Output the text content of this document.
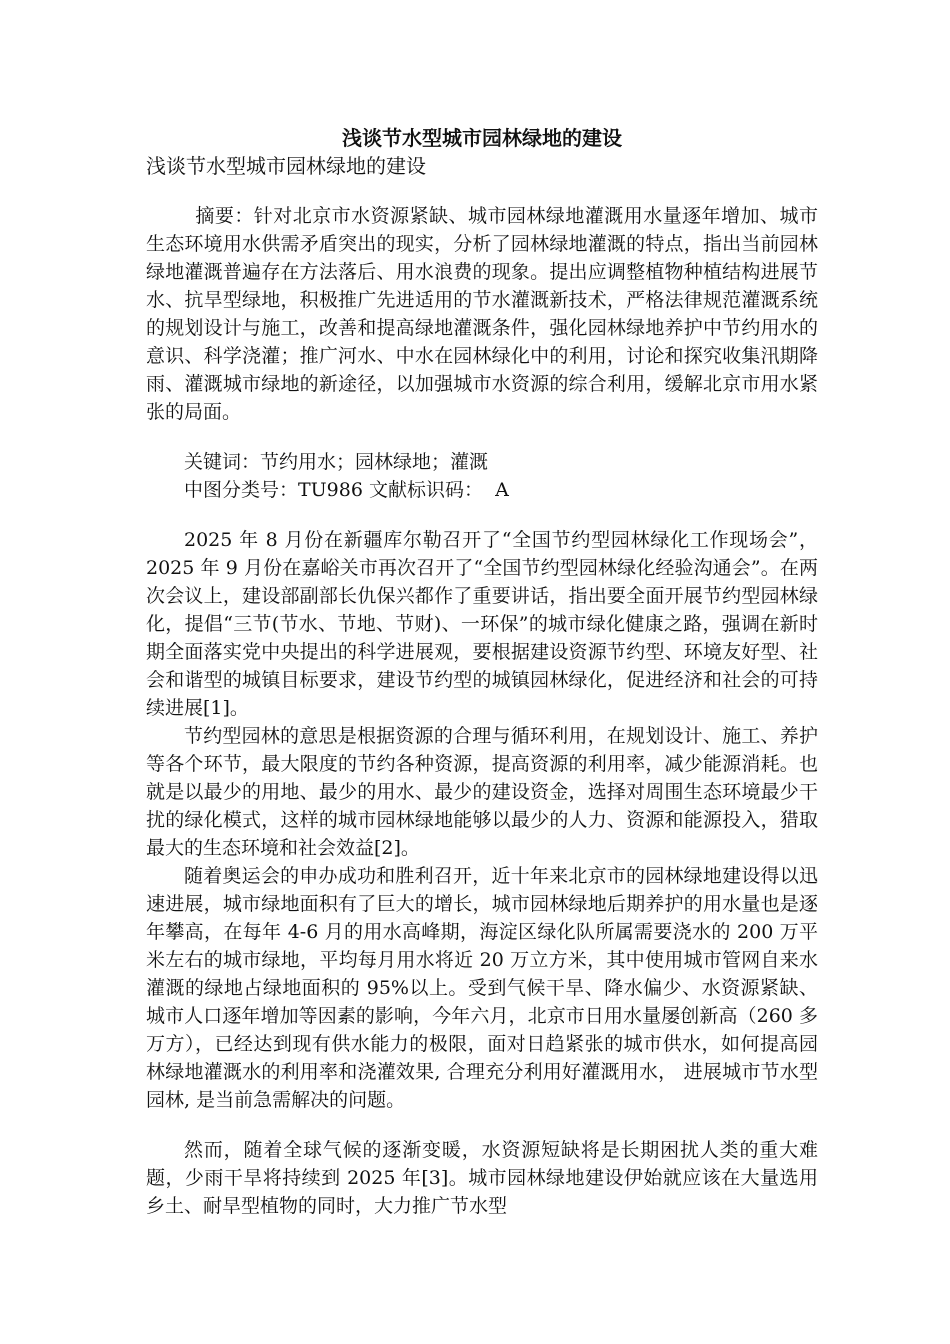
浅谈节水型城市园林绿地的建设

浅谈节水型城市园林绿地的建设

摘要：针对北京市水资源紧缺、城市园林绿地灌溉用水量逐年增加、城市生态环境用水供需矛盾突出的现实，分析了园林绿地灌溉的特点，指出当前园林绿地灌溉普遍存在方法落后、用水浪费的现象。提出应调整植物种植结构进展节水、抗旱型绿地，积极推广先进适用的节水灌溉新技术，严格法律规范灌溉系统的规划设计与施工，改善和提高绿地灌溉条件，强化园林绿地养护中节约用水的意识、科学浇灌；推广河水、中水在园林绿化中的利用，讨论和探究收集汛期降雨、灌溉城市绿地的新途径，以加强城市水资源的综合利用，缓解北京市用水紧张的局面。

关键词：节约用水；园林绿地；灌溉

中图分类号：TU986 文献标识码：  A

2025 年 8 月份在新疆库尔勒召开了“全国节约型园林绿化工作现场会”，2025 年 9 月份在嘉峪关市再次召开了“全国节约型园林绿化经验沟通会”。在两次会议上，建设部副部长仇保兴都作了重要讲话，指出要全面开展节约型园林绿化，提倡“三节(节水、节地、节财)、一环保”的城市绿化健康之路，强调在新时期全面落实党中央提出的科学进展观，要根据建设资源节约型、环境友好型、社会和谐型的城镇目标要求，建设节约型的城镇园林绿化，促进经济和社会的可持续进展[1]。

节约型园林的意思是根据资源的合理与循环利用，在规划设计、施工、养护等各个环节，最大限度的节约各种资源，提高资源的利用率，减少能源消耗。也就是以最少的用地、最少的用水、最少的建设资金，选择对周围生态环境最少干扰的绿化模式，这样的城市园林绿地能够以最少的人力、资源和能源投入，猎取最大的生态环境和社会效益[2]。

随着奥运会的申办成功和胜利召开，近十年来北京市的园林绿地建设得以迅速进展，城市绿地面积有了巨大的增长，城市园林绿地后期养护的用水量也是逐年攀高，在每年 4-6 月的用水高峰期，海淀区绿化队所属需要浇水的 200 万平米左右的城市绿地，平均每月用水将近 20 万立方米，其中使用城市管网自来水灌溉的绿地占绿地面积的 95%以上。受到气候干旱、降水偏少、水资源紧缺、城市人口逐年增加等因素的影响，今年六月，北京市日用水量屡创新高（260 多万方），已经达到现有供水能力的极限，面对日趋紧张的城市供水，如何提高园林绿地灌溉水的利用率和浇灌效果, 合理充分利用好灌溉用水， 进展城市节水型园林, 是当前急需解决的问题。

然而，随着全球气候的逐渐变暖，水资源短缺将是长期困扰人类的重大难题，少雨干旱将持续到 2025 年[3]。城市园林绿地建设伊始就应该在大量选用乡土、耐旱型植物的同时，大力推广节水型
